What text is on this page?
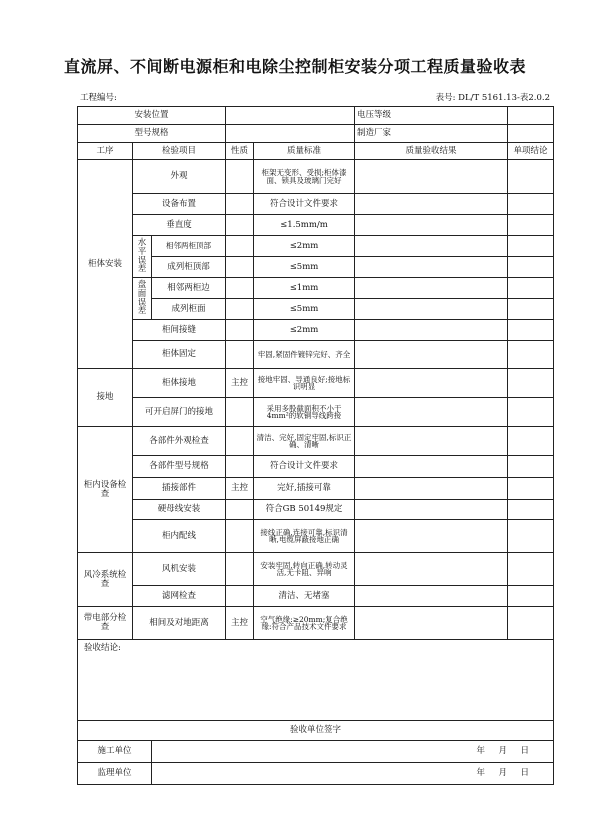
直流屏、不间断电源柜和电除尘控制柜安装分项工程质量验收表
工程编号:	表号: DL/T 5161.13-表2.0.2
安装位置					电压等级	
型号规格					制造厂家	
工序	检验项目		性质	质量标准	质量验收结果	单项结论
柜体安装	外观			柜架无变形、受损;柜体漆面、锁具及玻璃门完好		
	设备布置			符合设计文件要求		
	垂直度			≤1.5mm/m		
	水平误差	相邻两柜顶部		≤2mm		
		成列柜顶部		≤5mm		
	盘面误差	相邻两柜边		≤1mm		
		成列柜面		≤5mm		
	柜间接缝			≤2mm		
	柜体固定			牢固,紧固件镀锌完好、齐全		
接地	柜体接地		主控	接地牢固、导通良好;接地标识明显		
	可开启屏门的接地			采用多股截面积不小于4mm²的软铜导线跨接		
柜内设备检查	各部件外观检查			清洁、完好,固定牢固,标识正确、清晰		
	各部件型号规格			符合设计文件要求		
	插接部件		主控	完好,插接可靠		
	硬母线安装			符合GB 50149规定		
	柜内配线			接线正确,连接可靠,标识清晰,电缆屏蔽接地正确		
风冷系统检查	风机安装			安装牢固,转向正确,转动灵活,无卡阻、异响		
	滤网检查			清洁、无堵塞		
带电部分检查	相间及对地距离		主控	空气绝缘:≥20mm;复合绝缘:符合产品技术文件要求		
验收结论:						
验收单位签字						
施工单位		年 月 日				
监理单位		年 月 日				
